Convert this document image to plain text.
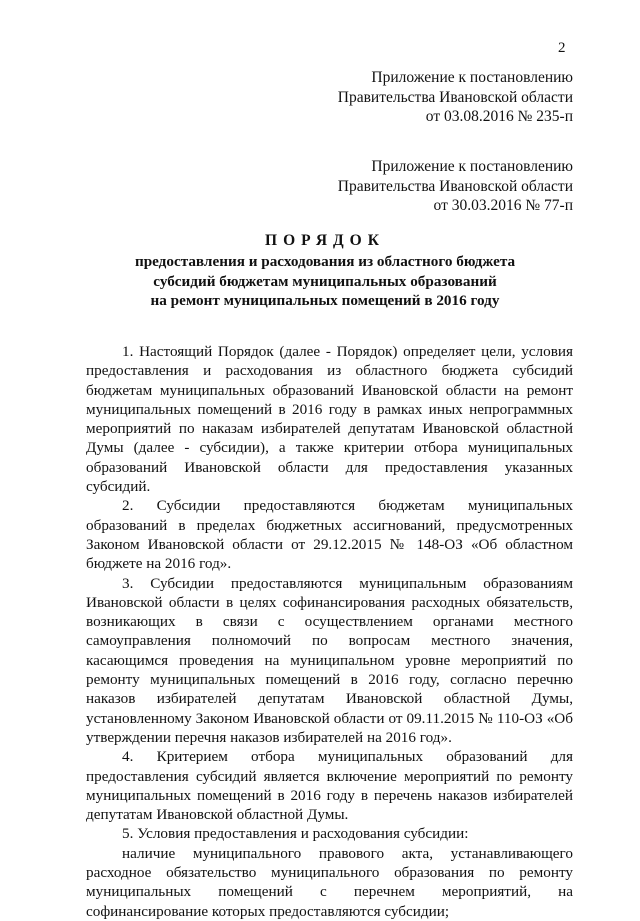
2
Приложение к постановлению
Правительства Ивановской области
от 03.08.2016 № 235-п
Приложение к постановлению
Правительства Ивановской области
от 30.03.2016 № 77-п
ПОРЯДОК
предоставления и расходования из областного бюджета
субсидий бюджетам муниципальных образований
на ремонт муниципальных помещений в 2016 году

1. Настоящий Порядок (далее - Порядок) определяет цели, условия предоставления и расходования из областного бюджета субсидий бюджетам муниципальных образований Ивановской области на ремонт муниципальных помещений в 2016 году в рамках иных непрограммных мероприятий по наказам избирателей депутатам Ивановской областной Думы (далее - субсидии), а также критерии отбора муниципальных образований Ивановской области для предоставления указанных субсидий.

2. Субсидии предоставляются бюджетам муниципальных образований в пределах бюджетных ассигнований, предусмотренных Законом Ивановской области от 29.12.2015 № 148-ОЗ «Об областном бюджете на 2016 год».

3. Субсидии предоставляются муниципальным образованиям Ивановской области в целях софинансирования расходных обязательств, возникающих в связи с осуществлением органами местного самоуправления полномочий по вопросам местного значения, касающимся проведения на муниципальном уровне мероприятий по ремонту муниципальных помещений в 2016 году, согласно перечню наказов избирателей депутатам Ивановской областной Думы, установленному Законом Ивановской области от 09.11.2015 № 110-ОЗ «Об утверждении перечня наказов избирателей на 2016 год».

4. Критерием отбора муниципальных образований для предоставления субсидий является включение мероприятий по ремонту муниципальных помещений в 2016 году в перечень наказов избирателей депутатам Ивановской областной Думы.

5. Условия предоставления и расходования субсидии:

наличие муниципального правового акта, устанавливающего расходное обязательство муниципального образования по ремонту муниципальных помещений с перечнем мероприятий, на софинансирование которых предоставляются субсидии;
